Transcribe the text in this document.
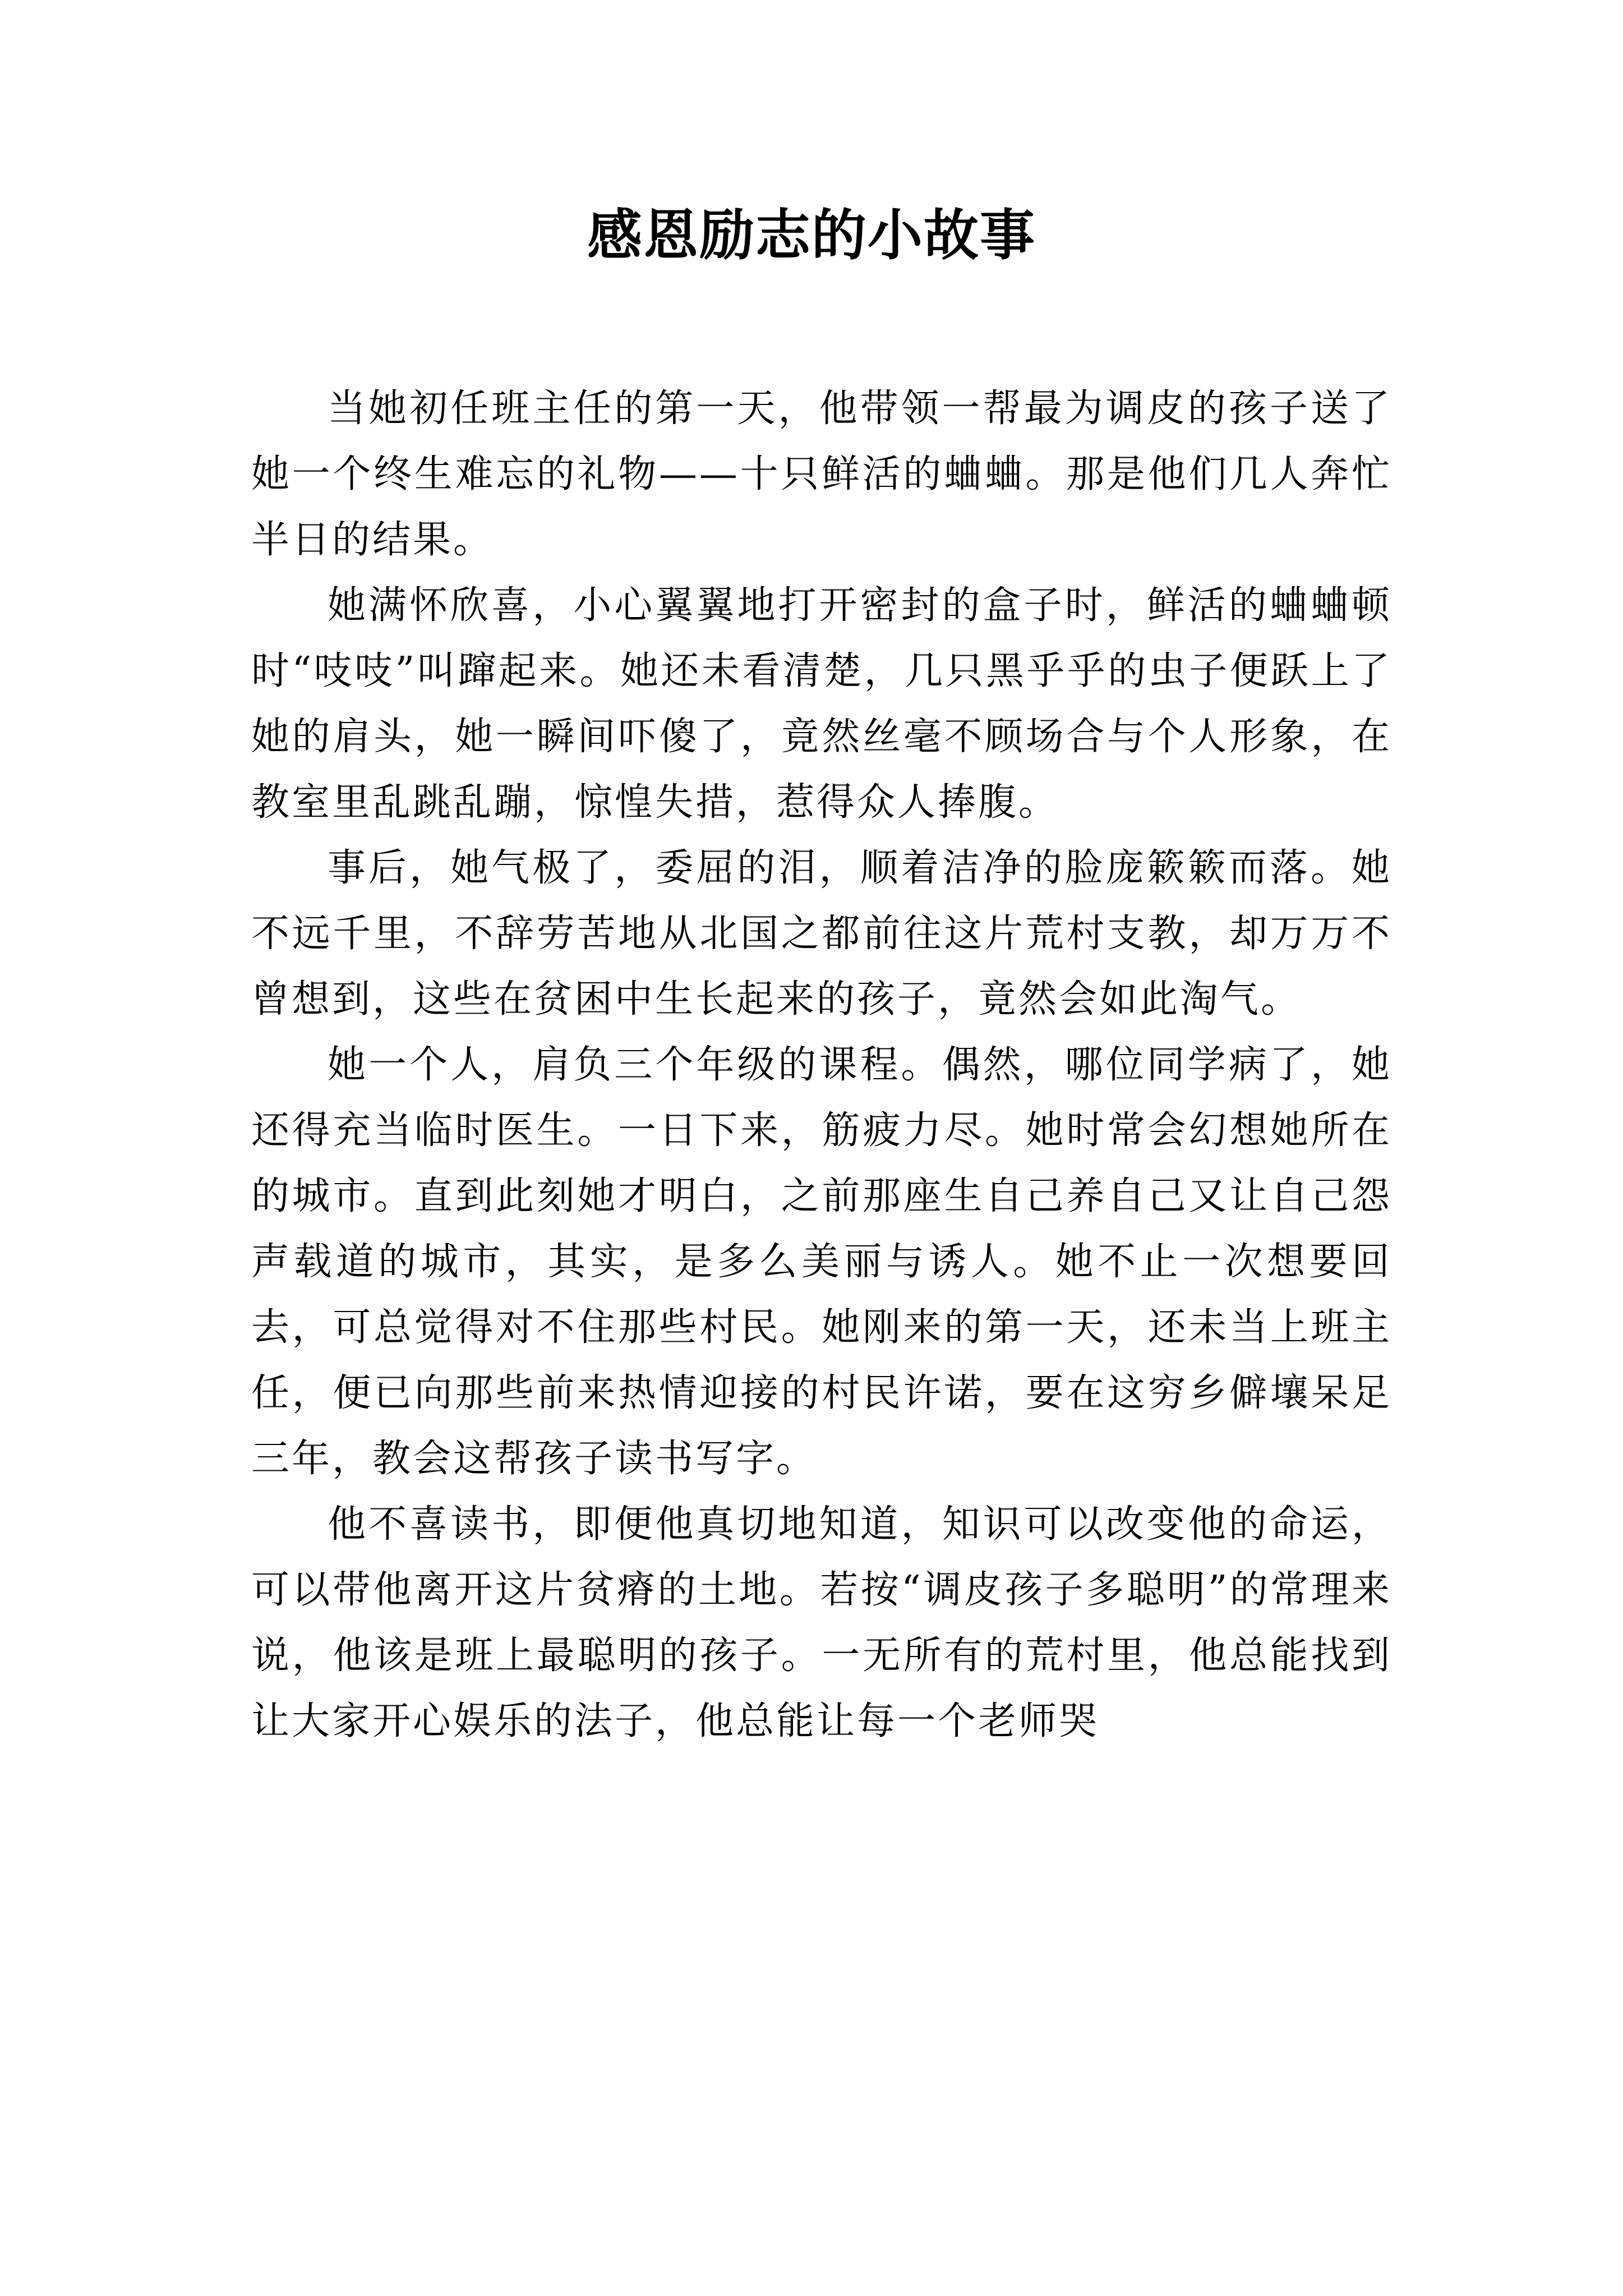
感恩励志的小故事

当她初任班主任的第一天，他带领一帮最为调皮的孩子送了她一个终生难忘的礼物——十只鲜活的蛐蛐。那是他们几人奔忙半日的结果。

她满怀欣喜，小心翼翼地打开密封的盒子时，鲜活的蛐蛐顿时“吱吱”叫蹿起来。她还未看清楚，几只黑乎乎的虫子便跃上了她的肩头，她一瞬间吓傻了，竟然丝毫不顾场合与个人形象，在教室里乱跳乱蹦，惊惶失措，惹得众人捧腹。

事后，她气极了，委屈的泪，顺着洁净的脸庞簌簌而落。她不远千里，不辞劳苦地从北国之都前往这片荒村支教，却万万不曾想到，这些在贫困中生长起来的孩子，竟然会如此淘气。

她一个人，肩负三个年级的课程。偶然，哪位同学病了，她还得充当临时医生。一日下来，筋疲力尽。她时常会幻想她所在的城市。直到此刻她才明白，之前那座生自己养自己又让自己怨声载道的城市，其实，是多么美丽与诱人。她不止一次想要回去，可总觉得对不住那些村民。她刚来的第一天，还未当上班主任，便已向那些前来热情迎接的村民许诺，要在这穷乡僻壤呆足三年，教会这帮孩子读书写字。

他不喜读书，即便他真切地知道，知识可以改变他的命运，可以带他离开这片贫瘠的土地。若按“调皮孩子多聪明”的常理来说，他该是班上最聪明的孩子。一无所有的荒村里，他总能找到让大家开心娱乐的法子，他总能让每一个老师哭
